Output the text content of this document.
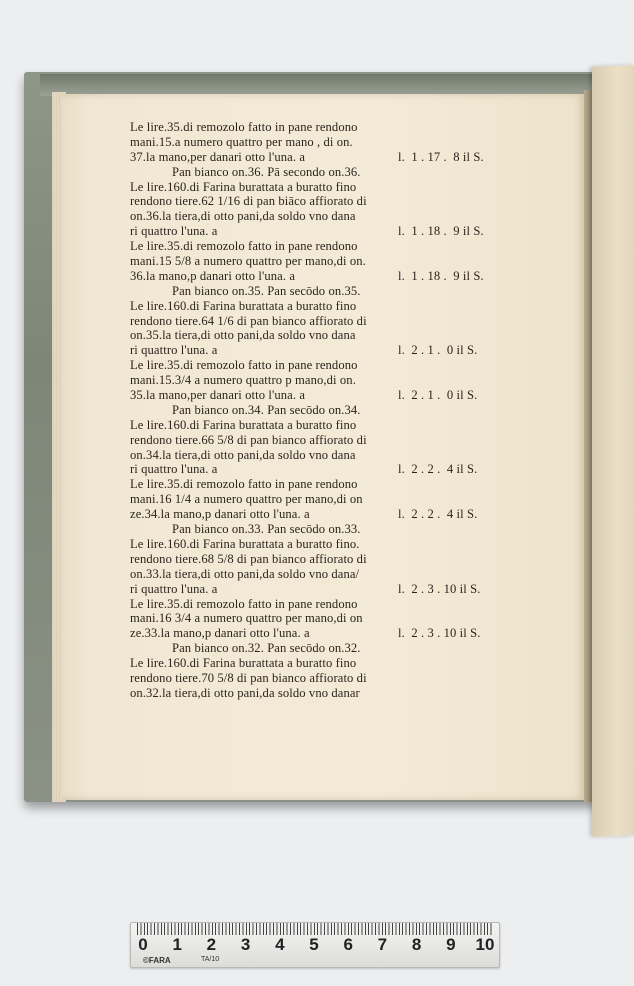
Le lire.35.di remozolo fatto in pane rendono
mani.15.a numero quattro per mano , di on.
37.la mano,per danari otto l'una. a	l.  1 . 17 .  8 il S.
Pan bianco on.36. Pā secondo on.36.
Le lire.160.di Farina burattata a buratto fino
rendono tiere.62 1/16 di pan biāco affiorato di
on.36.la tiera,di otto pani,da soldo vno dana
ri quattro l'una. a	l.  1 . 18 .  9 il S.
Le lire.35.di remozolo fatto in pane rendono
mani.15 5/8 a numero quattro per mano,di on.
36.la mano,p danari otto l'una. a	l.  1 . 18 .  9 il S.
Pan bianco on.35. Pan secōdo on.35.
Le lire.160.di Farina burattata a buratto fino
rendono tiere.64 1/6 di pan bianco affiorato di
on.35.la tiera,di otto pani,da soldo vno dana
ri quattro l'una. a	l.  2 . 1 .  0 il S.
Le lire.35.di remozolo fatto in pane rendono
mani.15.3/4 a numero quattro p mano,di on.
35.la mano,per danari otto l'una. a	l.  2 . 1 .  0 il S.
Pan bianco on.34. Pan secōdo on.34.
Le lire.160.di Farina burattata a buratto fino
rendono tiere.66 5/8 di pan bianco affiorato di
on.34.la tiera,di otto pani,da soldo vno dana
ri quattro l'una. a	l.  2 . 2 .  4 il S.
Le lire.35.di remozolo fatto in pane rendono
mani.16 1/4 a numero quattro per mano,di on
ze.34.la mano,p danari otto l'una. a	l.  2 . 2 .  4 il S.
Pan bianco on.33. Pan secōdo on.33.
Le lire.160.di Farina burattata a buratto fino.
rendono tiere.68 5/8 di pan bianco affiorato di
on.33.la tiera,di otto pani,da soldo vno dana/
ri quattro l'una. a	l.  2 . 3 . 10 il S.
Le lire.35.di remozolo fatto in pane rendono
mani.16 3/4 a numero quattro per mano,di on
ze.33.la mano,p danari otto l'una. a	l.  2 . 3 . 10 il S.
Pan bianco on.32. Pan secōdo on.32.
Le lire.160.di Farina burattata a buratto fino
rendono tiere.70 5/8 di pan bianco affiorato di
on.32.la tiera,di otto pani,da soldo vno danar
©FARA	TA/10
0 1 2 3 4 5 6 7 8 9 10
